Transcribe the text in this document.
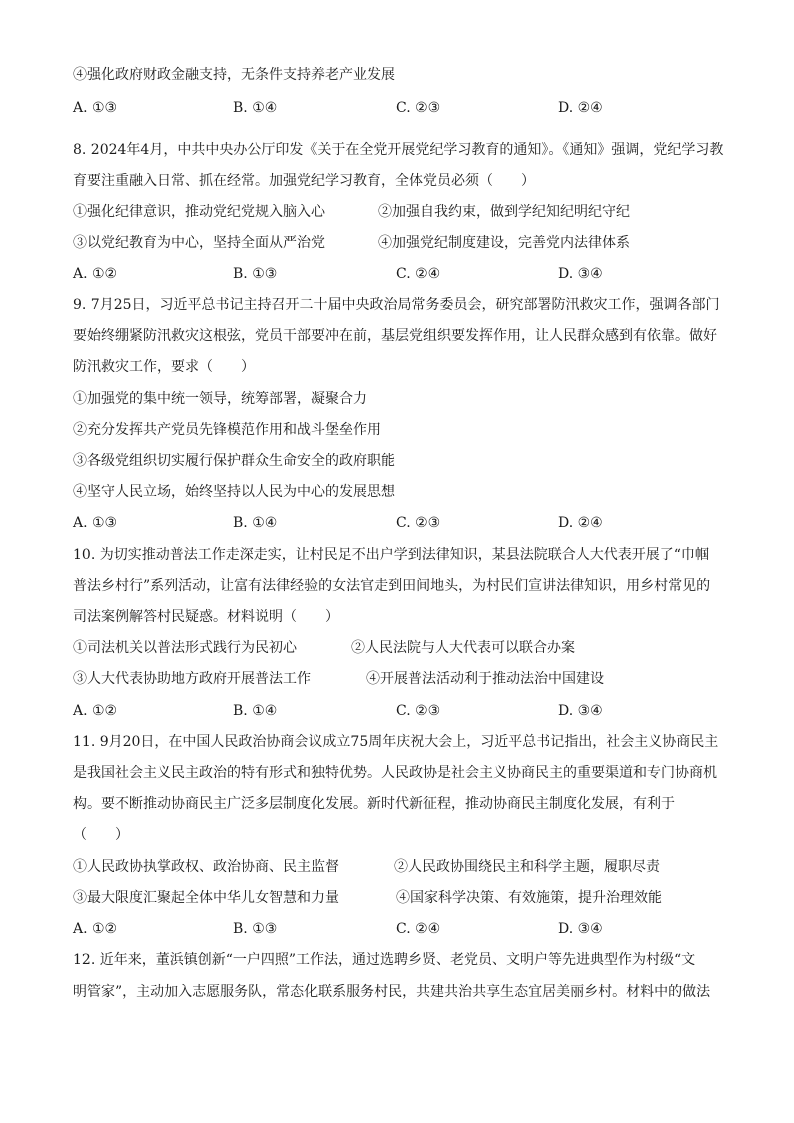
④强化政府财政金融支持，无条件支持养老产业发展
A. ①③	B. ①④	C. ②③	D. ②④
8. 2024年4月，中共中央办公厅印发《关于在全党开展党纪学习教育的通知》。《通知》强调，党纪学习教
育要注重融入日常、抓在经常。加强党纪学习教育，全体党员必须（　　）
①强化纪律意识，推动党纪党规入脑入心	②加强自我约束，做到学纪知纪明纪守纪
③以党纪教育为中心，坚持全面从严治党	④加强党纪制度建设，完善党内法律体系
A. ①②	B. ①③	C. ②④	D. ③④
9. 7月25日，习近平总书记主持召开二十届中央政治局常务委员会，研究部署防汛救灾工作，强调各部门
要始终绷紧防汛救灾这根弦，党员干部要冲在前，基层党组织要发挥作用，让人民群众感到有依靠。做好
防汛救灾工作，要求（　　）
①加强党的集中统一领导，统筹部署，凝聚合力
②充分发挥共产党员先锋模范作用和战斗堡垒作用
③各级党组织切实履行保护群众生命安全的政府职能
④坚守人民立场，始终坚持以人民为中心的发展思想
A. ①③	B. ①④	C. ②③	D. ②④
10. 为切实推动普法工作走深走实，让村民足不出户学到法律知识，某县法院联合人大代表开展了“巾帼
普法乡村行”系列活动，让富有法律经验的女法官走到田间地头，为村民们宣讲法律知识，用乡村常见的
司法案例解答村民疑惑。材料说明（　　）
①司法机关以普法形式践行为民初心	②人民法院与人大代表可以联合办案
③人大代表协助地方政府开展普法工作	④开展普法活动利于推动法治中国建设
A. ①②	B. ①④	C. ②③	D. ③④
11. 9月20日，在中国人民政治协商会议成立75周年庆祝大会上，习近平总书记指出，社会主义协商民主
是我国社会主义民主政治的特有形式和独特优势。人民政协是社会主义协商民主的重要渠道和专门协商机
构。要不断推动协商民主广泛多层制度化发展。新时代新征程，推动协商民主制度化发展，有利于
（　　）
①人民政协执掌政权、政治协商、民主监督	②人民政协围绕民主和科学主题，履职尽责
③最大限度汇聚起全体中华儿女智慧和力量	④国家科学决策、有效施策，提升治理效能
A. ①②	B. ①③	C. ②④	D. ③④
12. 近年来，董浜镇创新“一户四照”工作法，通过选聘乡贤、老党员、文明户等先进典型作为村级“文
明管家”，主动加入志愿服务队，常态化联系服务村民，共建共治共享生态宜居美丽乡村。材料中的做法
